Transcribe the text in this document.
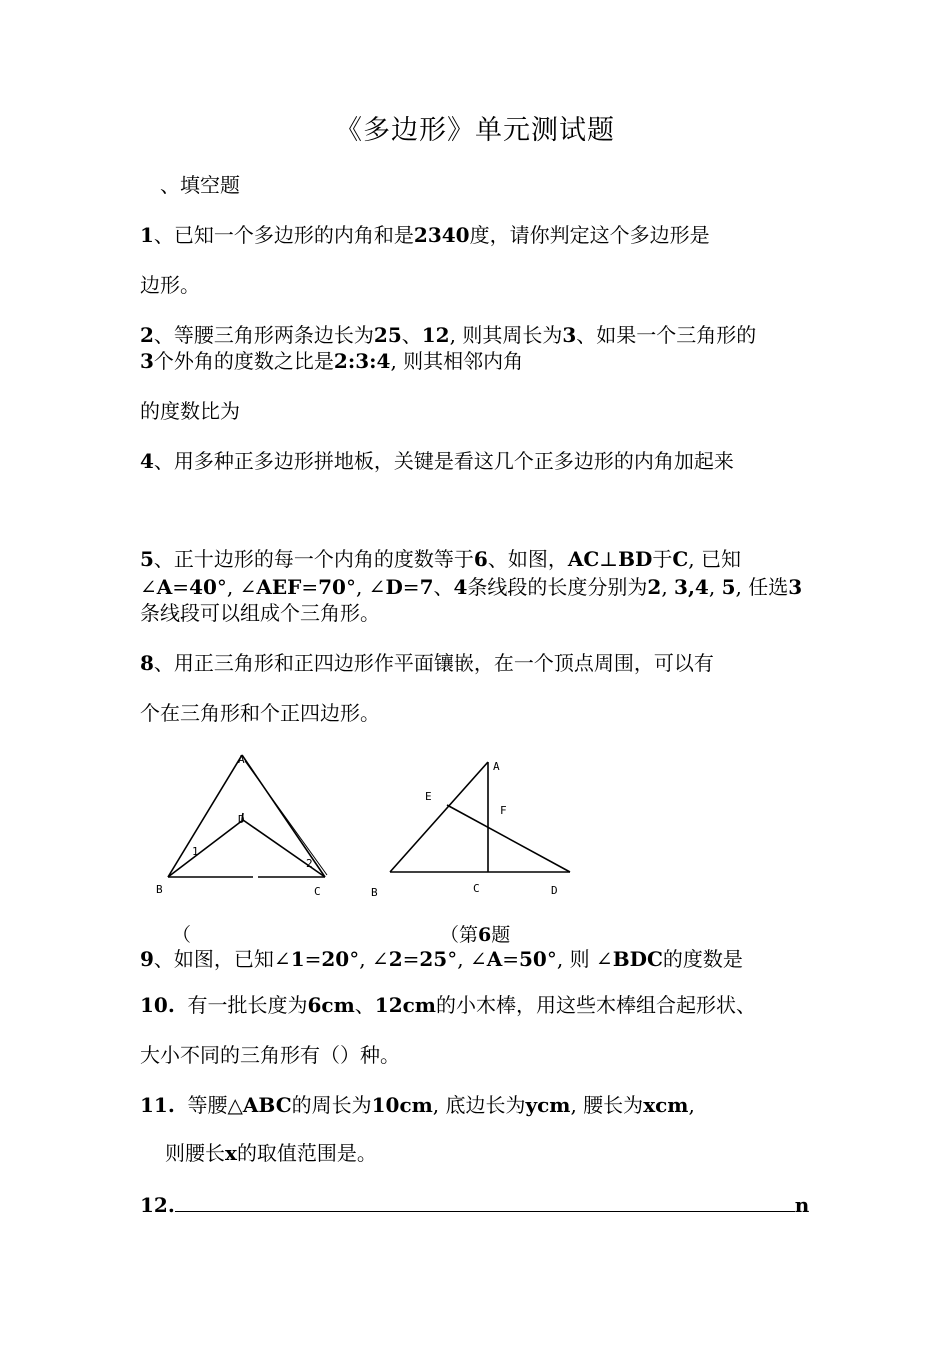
《多边形》单元测试题
、填空题
1、已知一个多边形的内角和是2340度，请你判定这个多边形是
边形。
2、等腰三角形两条边长为25、12, 则其周长为3、如果一个三角形的
3个外角的度数之比是2:3:4, 则其相邻内角
的度数比为
4、用多种正多边形拼地板，关键是看这几个正多边形的内角加起来
5、正十边形的每一个内角的度数等于6、如图，AC⊥BD于C, 已知
∠A=40°, ∠AEF=70°, ∠D=7、4条线段的长度分别为2, 3,4, 5, 任选3
条线段可以组成个三角形。
8、用正三角形和正四边形作平面镶嵌，在一个顶点周围，可以有
个在三角形和个正四边形。
A
D
B	C
1
2
A
E
F
B	C	D
（	（第6题
9、如图，已知∠1=20°, ∠2=25°, ∠A=50°, 则 ∠BDC的度数是
10. 有一批长度为6cm、12cm的小木棒，用这些木棒组合起形状、
大小不同的三角形有（）种。
11. 等腰△ABC的周长为10cm, 底边长为ycm, 腰长为xcm,
则腰长x的取值范围是。
12.	n
